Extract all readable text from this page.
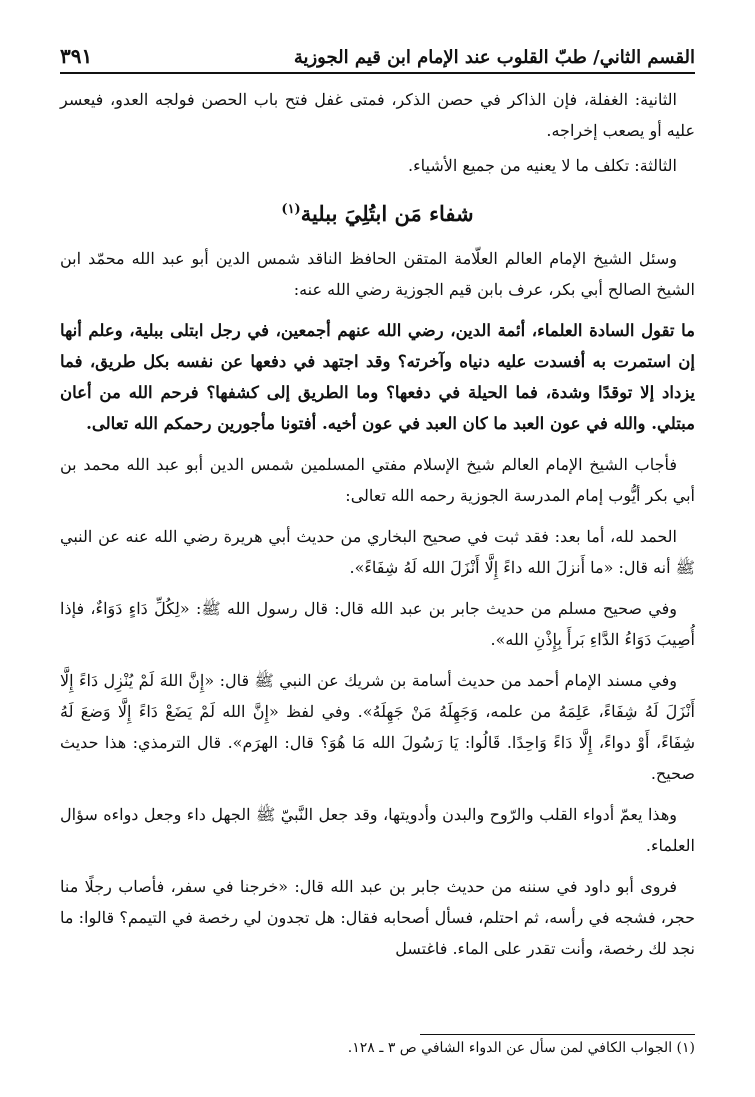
القسم الثاني/ طبّ القلوب عند الإمام ابن قيم الجوزية
٣٩١

الثانية: الغفلة، فإن الذاكر في حصن الذكر، فمتى غفل فتح باب الحصن فولجه العدو، فيعسر عليه أو يصعب إخراجه.

الثالثة: تكلف ما لا يعنيه من جميع الأشياء.

شفاء مَن ابتُلِيَ ببلية$^{(١)}$

وسئل الشيخ الإمام العالم العلّامة المتقن الحافظ الناقد شمس الدين أبو عبد الله محمّد ابن الشيخ الصالح أبي بكر، عرف بابن قيم الجوزية رضي الله عنه:

ما تقول السادة العلماء، أئمة الدين، رضي الله عنهم أجمعين، في رجل ابتلى ببلية، وعلم أنها إن استمرت به أفسدت عليه دنياه وآخرته؟ وقد اجتهد في دفعها عن نفسه بكل طريق، فما يزداد إلا توقدًا وشدة، فما الحيلة في دفعها؟ وما الطريق إلى كشفها؟ فرحم الله من أعان مبتلي. والله في عون العبد ما كان العبد في عون أخيه. أفتونا مأجورين رحمكم الله تعالى.

فأجاب الشيخ الإمام العالم شيخ الإسلام مفتي المسلمين شمس الدين أبو عبد الله محمد بن أبي بكر أيُّوب إمام المدرسة الجوزية رحمه الله تعالى:

الحمد لله، أما بعد: فقد ثبت في صحيح البخاري من حديث أبي هريرة رضي الله عنه عن النبي ﷺ أنه قال: «ما أَنزلَ الله داءً إِلَّا أَنْزَلَ الله لَهُ شِفَاءً».

وفي صحيح مسلم من حديث جابر بن عبد الله قال: قال رسول الله ﷺ: «لِكُلِّ دَاءٍ دَوَاءٌ، فإذا أُصِيبَ دَوَاءُ الدَّاءِ بَرأَ بِإِذْنِ الله».

وفي مسند الإمام أحمد من حديث أسامة بن شريك عن النبي ﷺ قال: «إِنَّ اللهَ لَمْ يُنْزِل دَاءً إِلَّا أَنْزَلَ لَهُ شِفَاءً، عَلِمَهُ من علمه، وَجَهِلَهُ مَنْ جَهِلَهُ». وفي لفظ «إِنَّ الله لَمْ يَضَعْ دَاءً إِلَّا وَضعَ لَهُ شِفَاءً، أَوْ دواءً، إِلَّا دَاءً وَاحِدًا. قَالُوا: يَا رَسُولَ الله مَا هُوَ؟ قال: الهرَم». قال الترمذي: هذا حديث صحيح.

وهذا يعمّ أدواء القلب والرّوح والبدن وأدويتها، وقد جعل النَّبيّ ﷺ الجهل داء وجعل دواءه سؤال العلماء.

فروى أبو داود في سننه من حديث جابر بن عبد الله قال: «خرجنا في سفر، فأصاب رجلًا منا حجر، فشجه في رأسه، ثم احتلم، فسأل أصحابه فقال: هل تجدون لي رخصة في التيمم؟ قالوا: ما نجد لك رخصة، وأنت تقدر على الماء. فاغتسل

(١) الجواب الكافي لمن سأل عن الدواء الشافي ص ٣ ـ ١٢٨.
